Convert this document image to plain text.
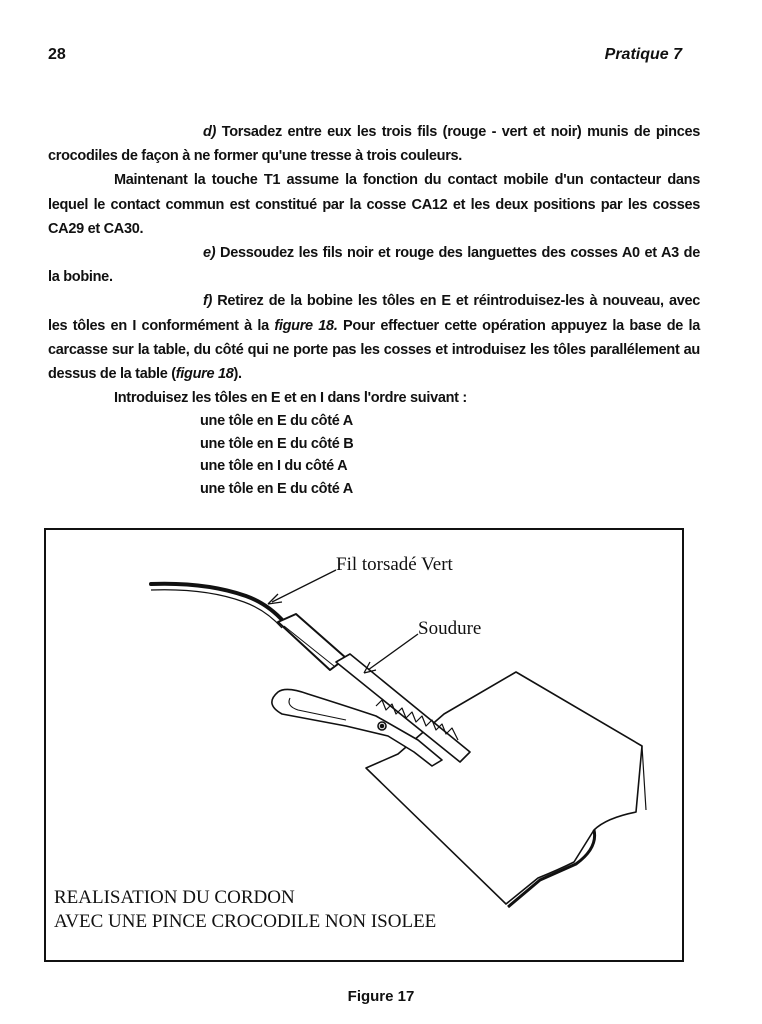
28	Pratique 7

d) Torsadez entre eux les trois fils (rouge - vert et noir) munis de pinces crocodiles de façon à ne former qu'une tresse à trois couleurs.

Maintenant la touche T1 assume la fonction du contact mobile d'un contacteur dans lequel le contact commun est constitué par la cosse CA12 et les deux positions par les cosses CA29 et CA30.

e) Dessoudez les fils noir et rouge des languettes des cosses A0 et A3 de la bobine.

f) Retirez de la bobine les tôles en E et réintroduisez-les à nouveau, avec les tôles en I conformément à la figure 18. Pour effectuer cette opération appuyez la base de la carcasse sur la table, du côté qui ne porte pas les cosses et introduisez les tôles parallélement au dessus de la table (figure 18).

Introduisez les tôles en E et en I dans l'ordre suivant :

une tôle en E du côté A
une tôle en E du côté B
une tôle en I du côté A
une tôle en E du côté A
Fil torsadé Vert
Soudure
REALISATION DU CORDON
AVEC UNE PINCE CROCODILE NON ISOLEE
Figure 17
